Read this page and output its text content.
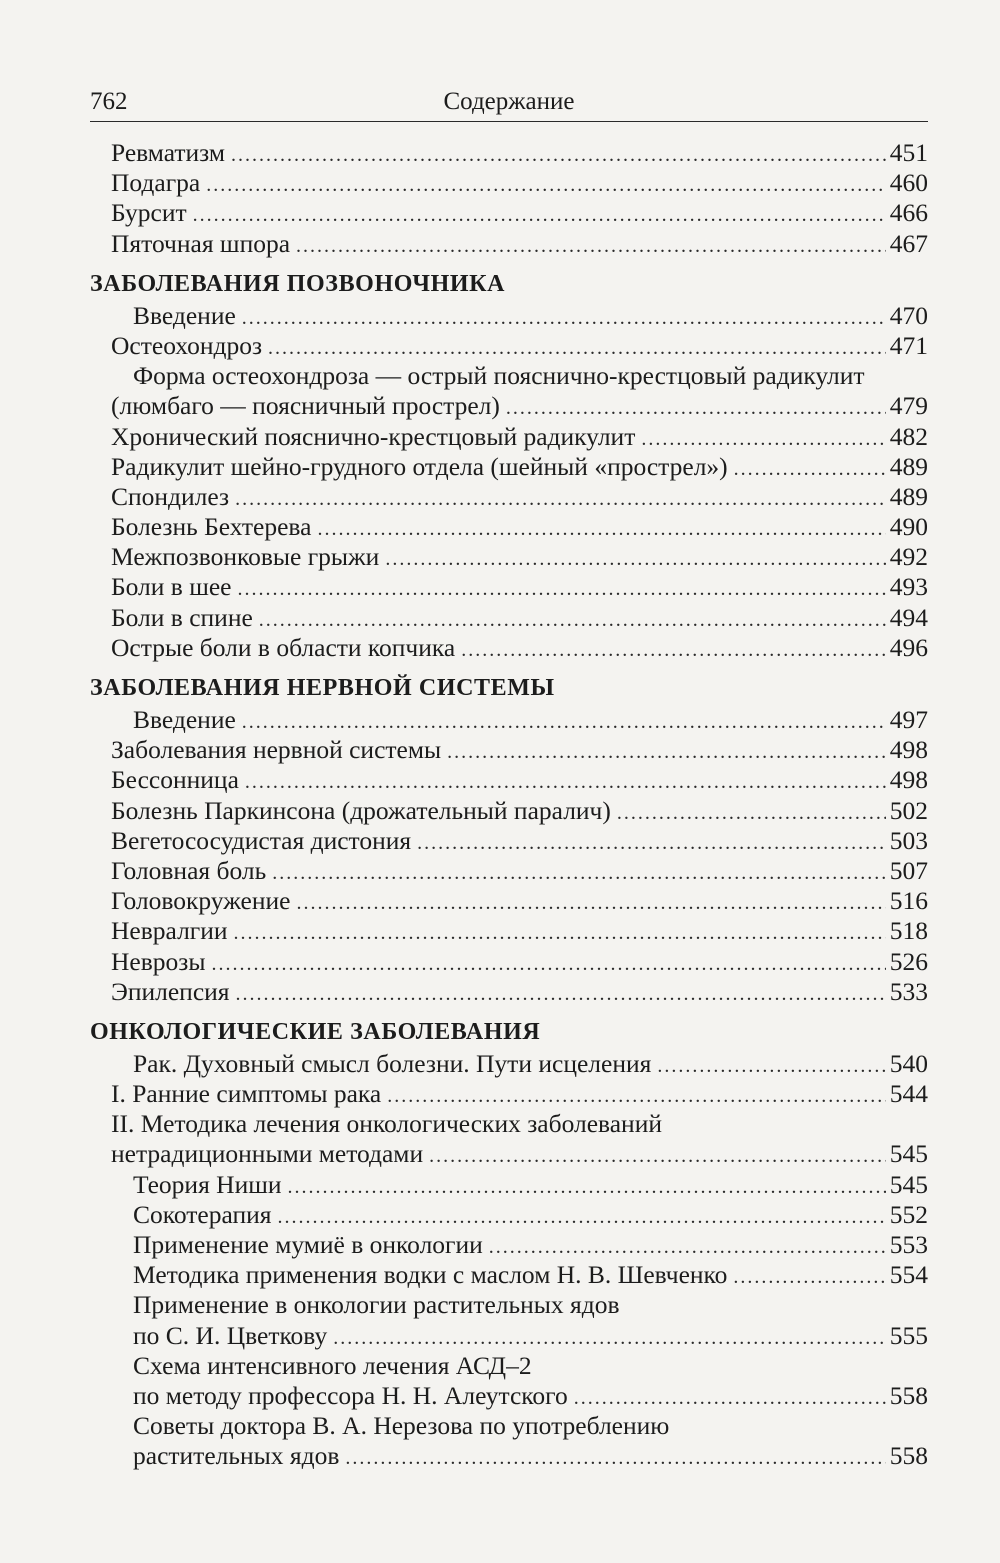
762	Содержание
Ревматизм . . .	451
Подагра . . .	460
Бурсит . . .	466
Пяточная шпора . . .	467
ЗАБОЛЕВАНИЯ ПОЗВОНОЧНИКА
Введение . . .	470
Остеохондроз . . .	471
Форма остеохондроза — острый пояснично-крестцовый радикулит
(люмбаго — поясничный прострел) . . .	479
Хронический пояснично-крестцовый радикулит . . .	482
Радикулит шейно-грудного отдела (шейный «прострел») . . .	489
Спондилез . . .	489
Болезнь Бехтерева . . .	490
Межпозвонковые грыжи . . .	492
Боли в шее . . .	493
Боли в спине . . .	494
Острые боли в области копчика . . .	496
ЗАБОЛЕВАНИЯ НЕРВНОЙ СИСТЕМЫ
Введение . . .	497
Заболевания нервной системы . . .	498
Бессонница . . .	498
Болезнь Паркинсона (дрожательный паралич) . . .	502
Вегетососудистая дистония . . .	503
Головная боль . . .	507
Головокружение . . .	516
Невралгии . . .	518
Неврозы . . .	526
Эпилепсия . . .	533
ОНКОЛОГИЧЕСКИЕ ЗАБОЛЕВАНИЯ
Рак. Духовный смысл болезни. Пути исцеления . . .	540
I. Ранние симптомы рака . . .	544
II. Методика лечения онкологических заболеваний
нетрадиционными методами . . .	545
Теория Ниши . . .	545
Сокотерапия . . .	552
Применение мумиё в онкологии . . .	553
Методика применения водки с маслом Н. В. Шевченко . . .	554
Применение в онкологии растительных ядов
по С. И. Цветкову . . .	555
Схема интенсивного лечения АСД–2
по методу профессора Н. Н. Алеутского . . .	558
Советы доктора В. А. Нерезова по употреблению
растительных ядов . . .	558
